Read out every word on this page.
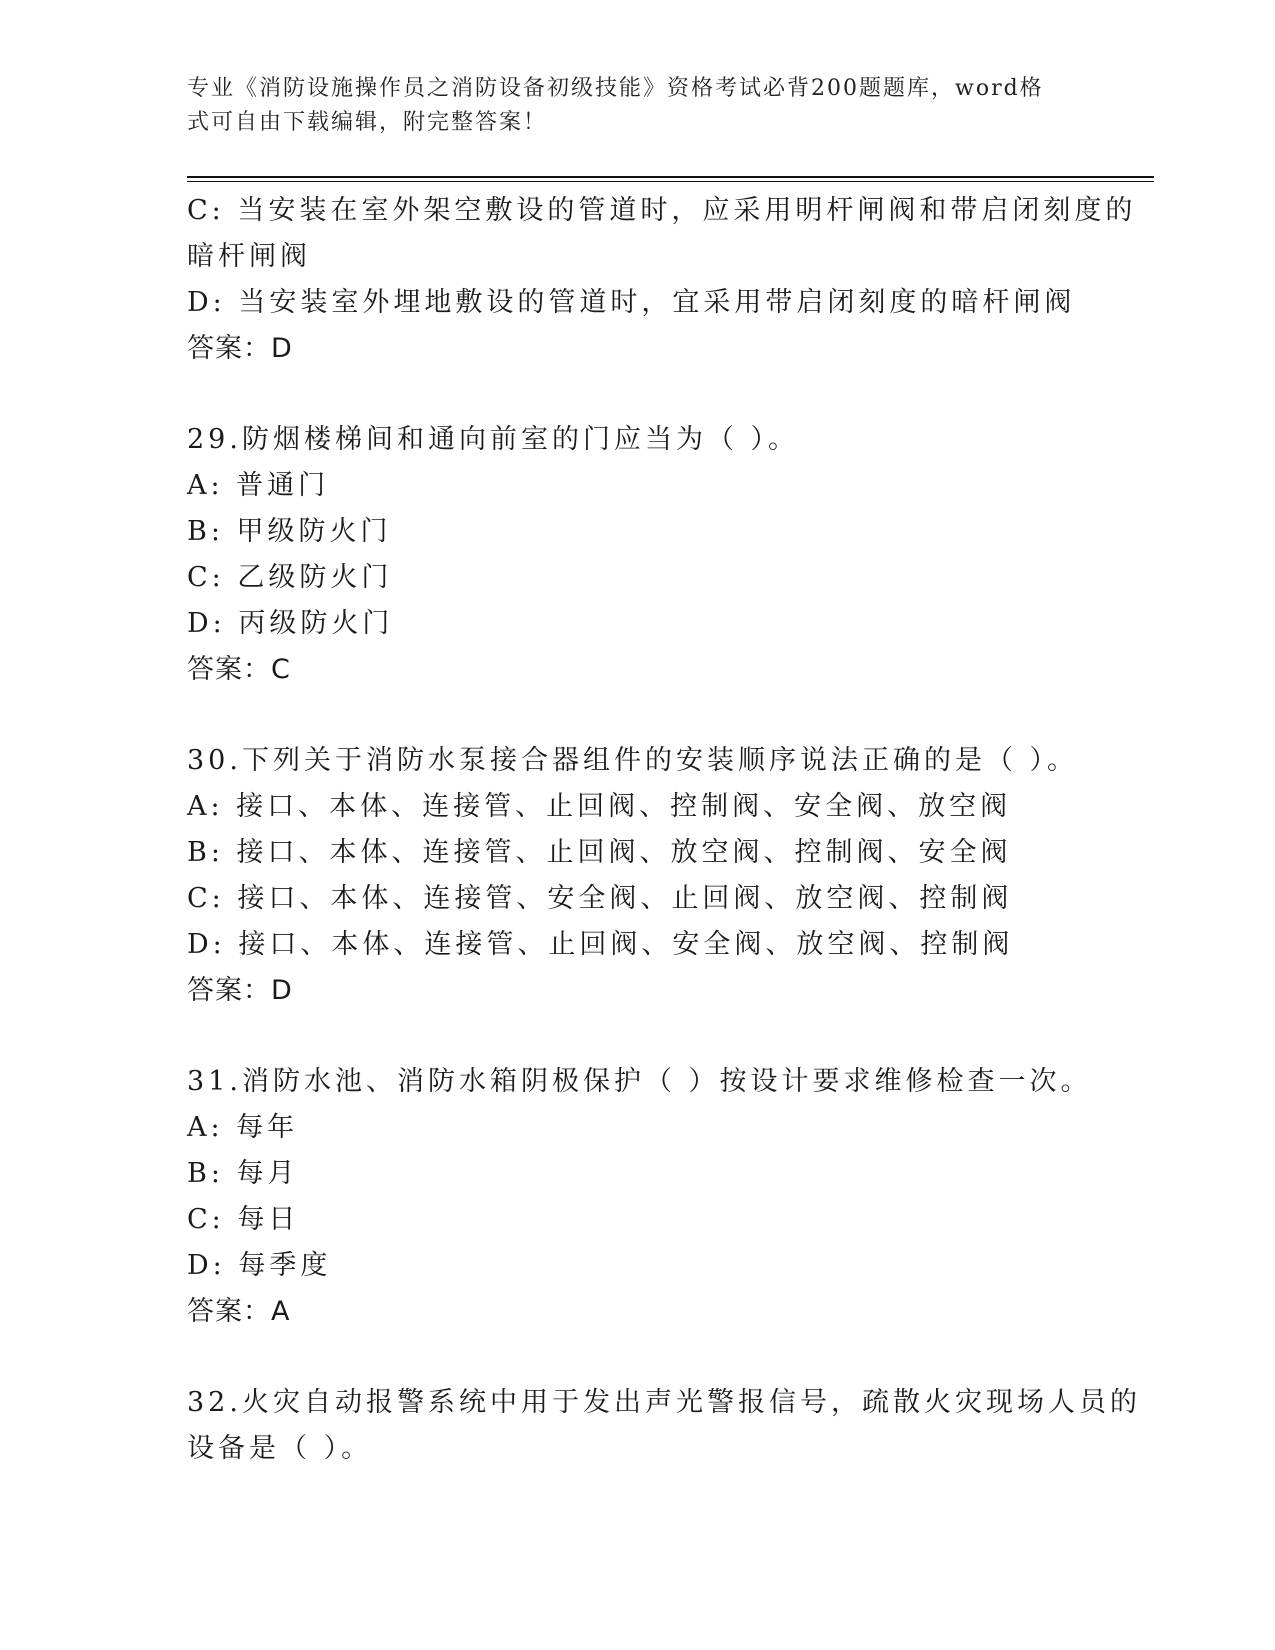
专业《消防设施操作员之消防设备初级技能》资格考试必背200题题库，word格
式可自由下载编辑，附完整答案！
C: 当安装在室外架空敷设的管道时，应采用明杆闸阀和带启闭刻度的
暗杆闸阀
D: 当安装室外埋地敷设的管道时，宜采用带启闭刻度的暗杆闸阀
答案：D
29.防烟楼梯间和通向前室的门应当为（ ）。
A: 普通门
B: 甲级防火门
C: 乙级防火门
D: 丙级防火门
答案：C
30.下列关于消防水泵接合器组件的安装顺序说法正确的是（ ）。
A: 接口、本体、连接管、止回阀、控制阀、安全阀、放空阀
B: 接口、本体、连接管、止回阀、放空阀、控制阀、安全阀
C: 接口、本体、连接管、安全阀、止回阀、放空阀、控制阀
D: 接口、本体、连接管、止回阀、安全阀、放空阀、控制阀
答案：D
31.消防水池、消防水箱阴极保护（ ）按设计要求维修检查一次。
A: 每年
B: 每月
C: 每日
D: 每季度
答案：A
32.火灾自动报警系统中用于发出声光警报信号，疏散火灾现场人员的
设备是（ ）。
